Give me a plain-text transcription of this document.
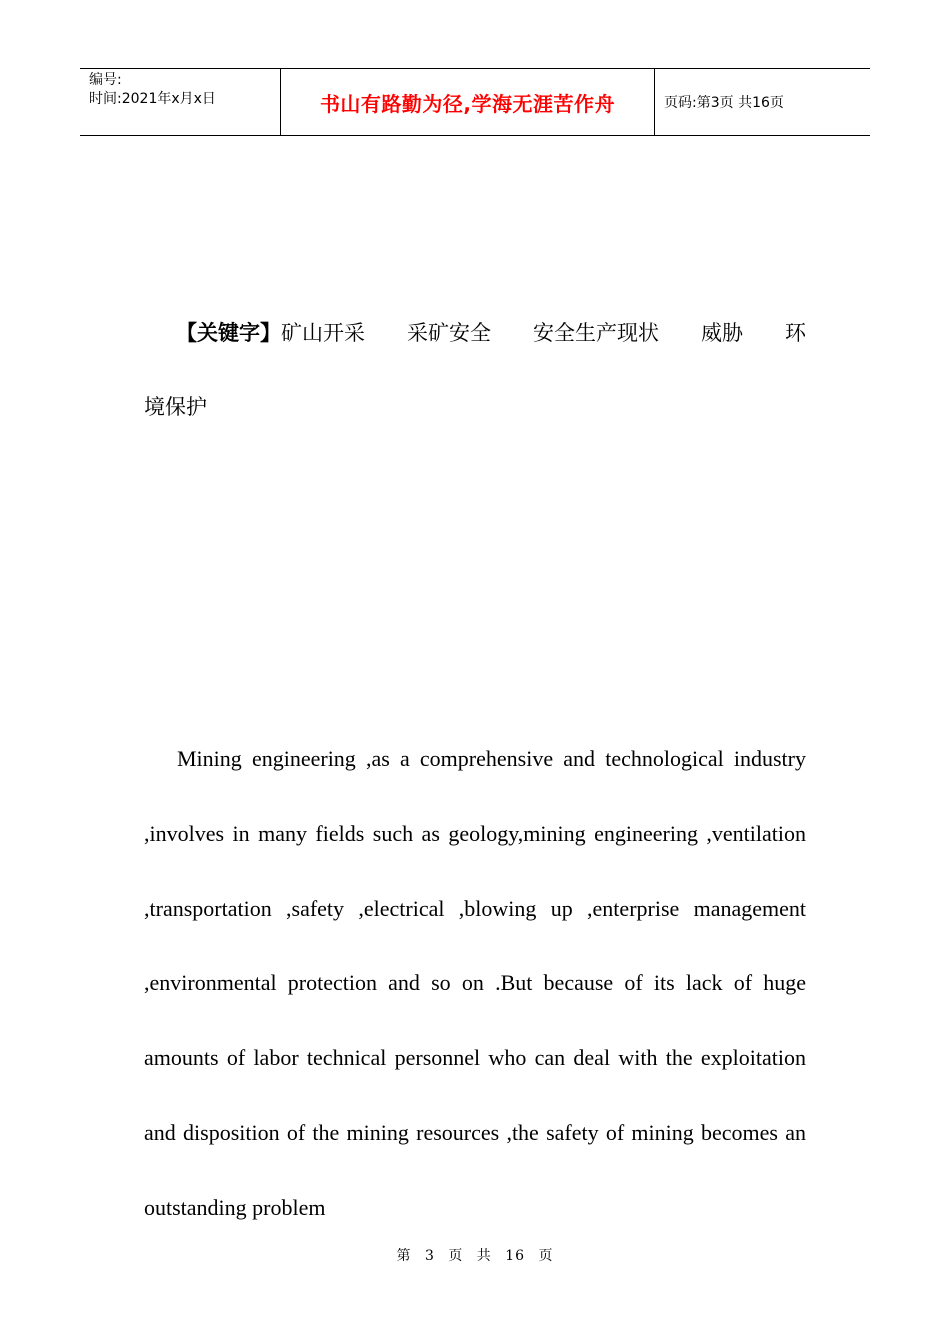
编号:
时间:2021年x月x日	书山有路勤为径,学海无涯苦作舟	页码:第3页 共16页
【关键字】矿山开采 采矿安全 安全生产现状 威胁 环
境保护

Mining engineering ,as a comprehensive and technological industry ,involves in many fields such as geology,mining engineering ,ventilation ,transportation ,safety ,electrical ,blowing up ,enterprise management ,environmental protection and so on .But because of its lack of huge amounts of labor technical personnel who can deal with the exploitation and disposition of the mining resources ,the safety of mining becomes an outstanding problem

第 3 页 共 16 页
